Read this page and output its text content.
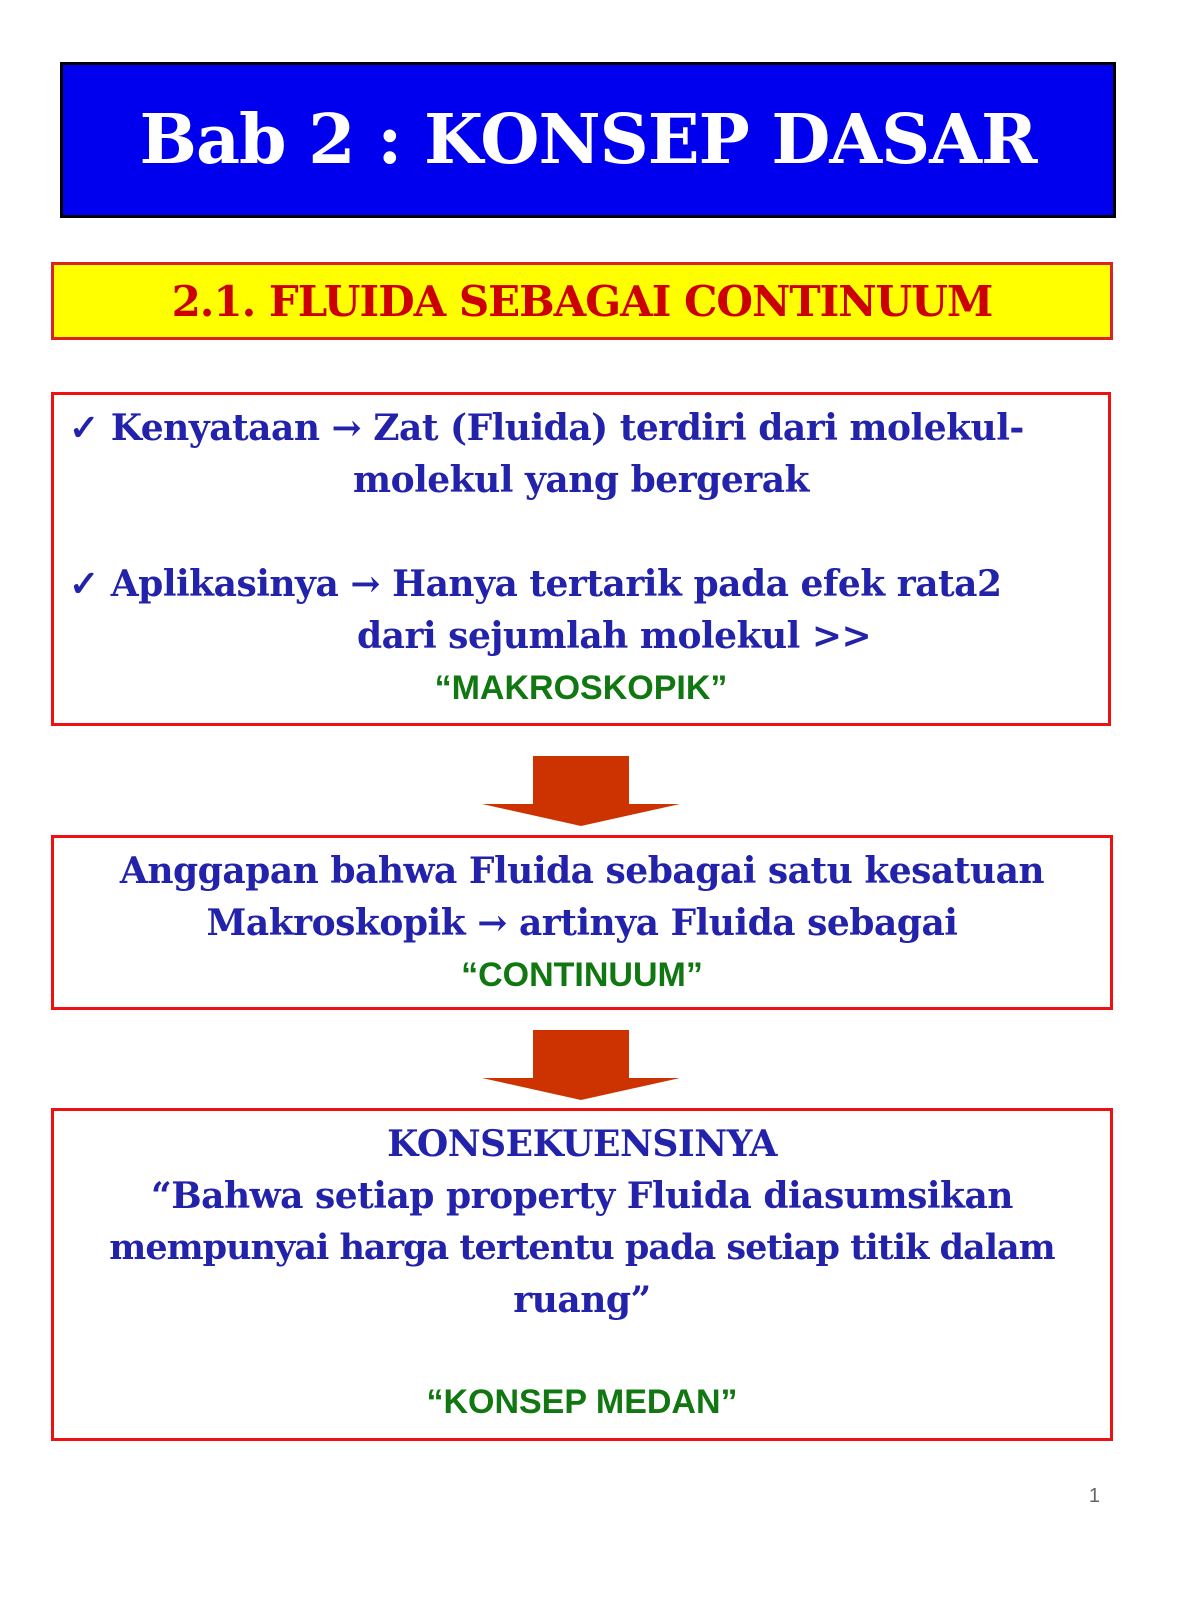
Bab 2 : KONSEP DASAR
2.1. FLUIDA SEBAGAI CONTINUUM
✓ Kenyataan → Zat (Fluida) terdiri dari molekul-
molekul yang bergerak
✓ Aplikasinya → Hanya tertarik pada efek rata2
dari sejumlah molekul >>
“MAKROSKOPIK”
Anggapan bahwa Fluida sebagai satu kesatuan
Makroskopik → artinya Fluida sebagai
“CONTINUUM”
KONSEKUENSINYA
“Bahwa setiap property Fluida diasumsikan
mempunyai harga tertentu pada setiap titik dalam
ruang”
“KONSEP MEDAN”
1
